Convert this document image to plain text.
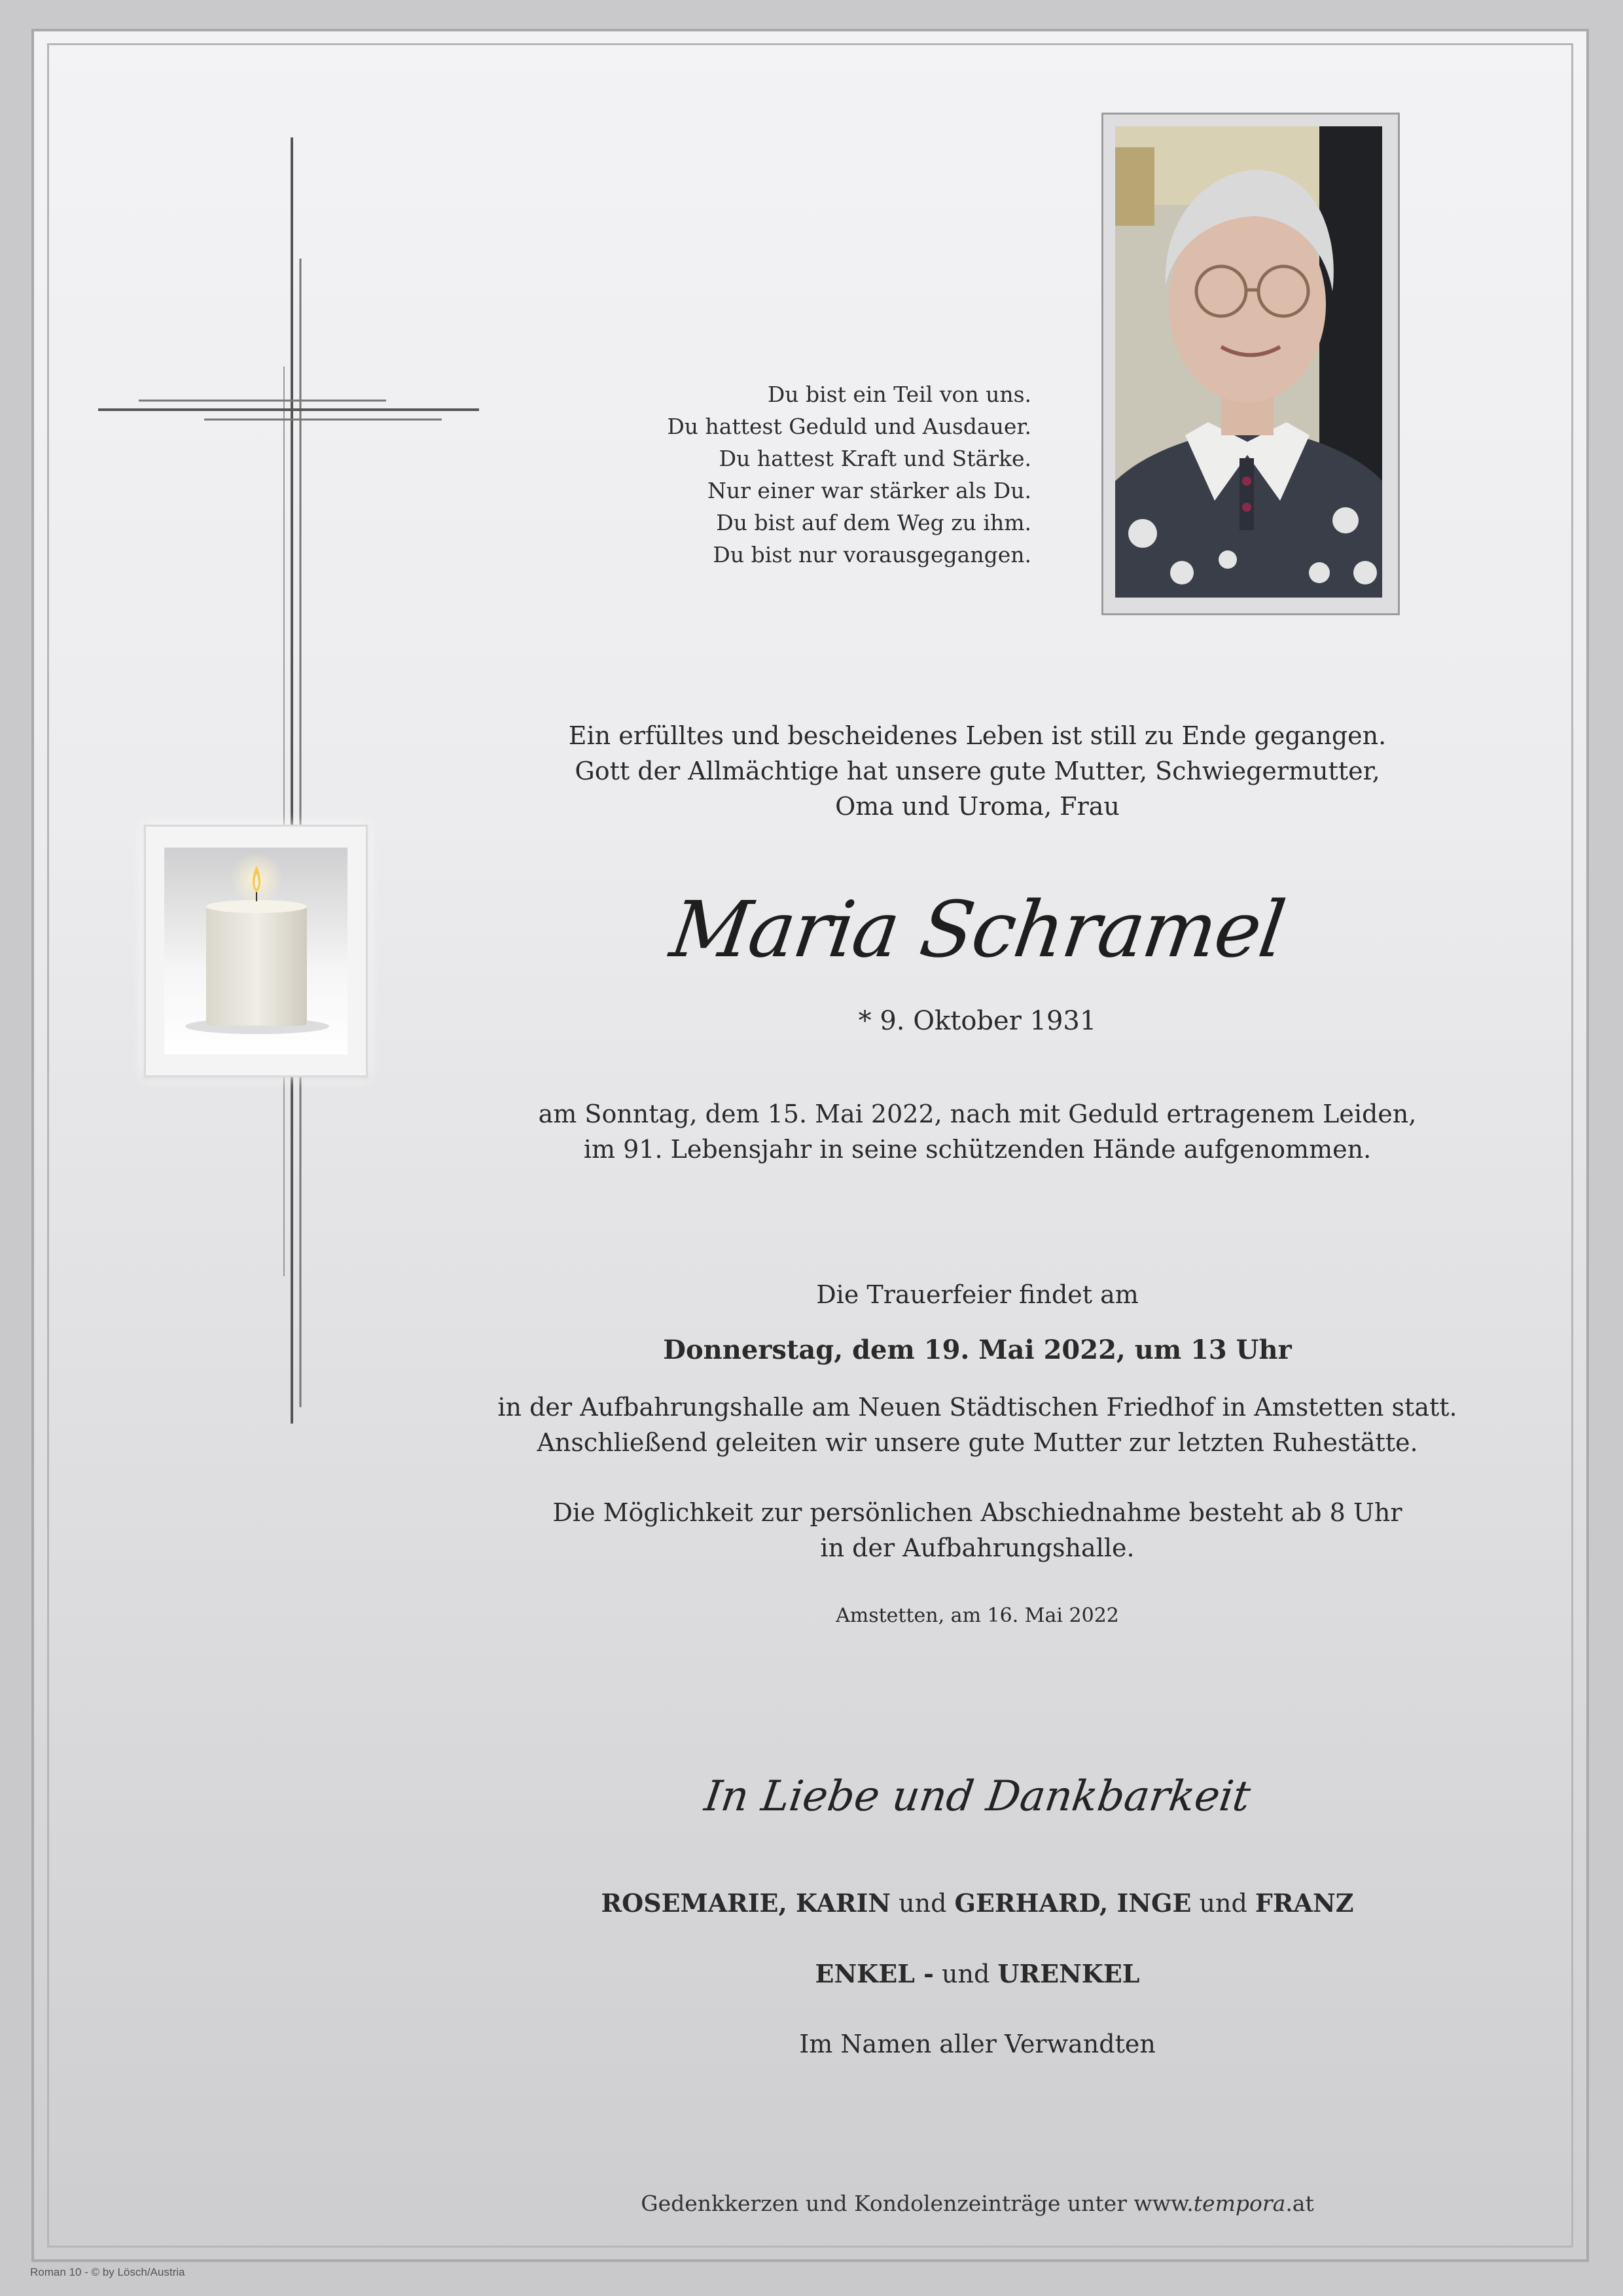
Du bist ein Teil von uns.
Du hattest Geduld und Ausdauer.
Du hattest Kraft und Stärke.
Nur einer war stärker als Du.
Du bist auf dem Weg zu ihm.
Du bist nur vorausgegangen.
Ein erfülltes und bescheidenes Leben ist still zu Ende gegangen.
Gott der Allmächtige hat unsere gute Mutter, Schwiegermutter,
Oma und Uroma, Frau
Maria Schramel
* 9. Oktober 1931
am Sonntag, dem 15. Mai 2022, nach mit Geduld ertragenem Leiden,
im 91. Lebensjahr in seine schützenden Hände aufgenommen.
Die Trauerfeier findet am
Donnerstag, dem 19. Mai 2022, um 13 Uhr
in der Aufbahrungshalle am Neuen Städtischen Friedhof in Amstetten statt.
Anschließend geleiten wir unsere gute Mutter zur letzten Ruhestätte.
Die Möglichkeit zur persönlichen Abschiednahme besteht ab 8 Uhr
in der Aufbahrungshalle.
Amstetten, am 16. Mai 2022
In Liebe und Dankbarkeit
ROSEMARIE, KARIN und GERHARD, INGE und FRANZ
ENKEL - und URENKEL
Im Namen aller Verwandten
Gedenkkerzen und Kondolenzeinträge unter www.tempora.at
Roman 10 - © by Lösch/Austria
